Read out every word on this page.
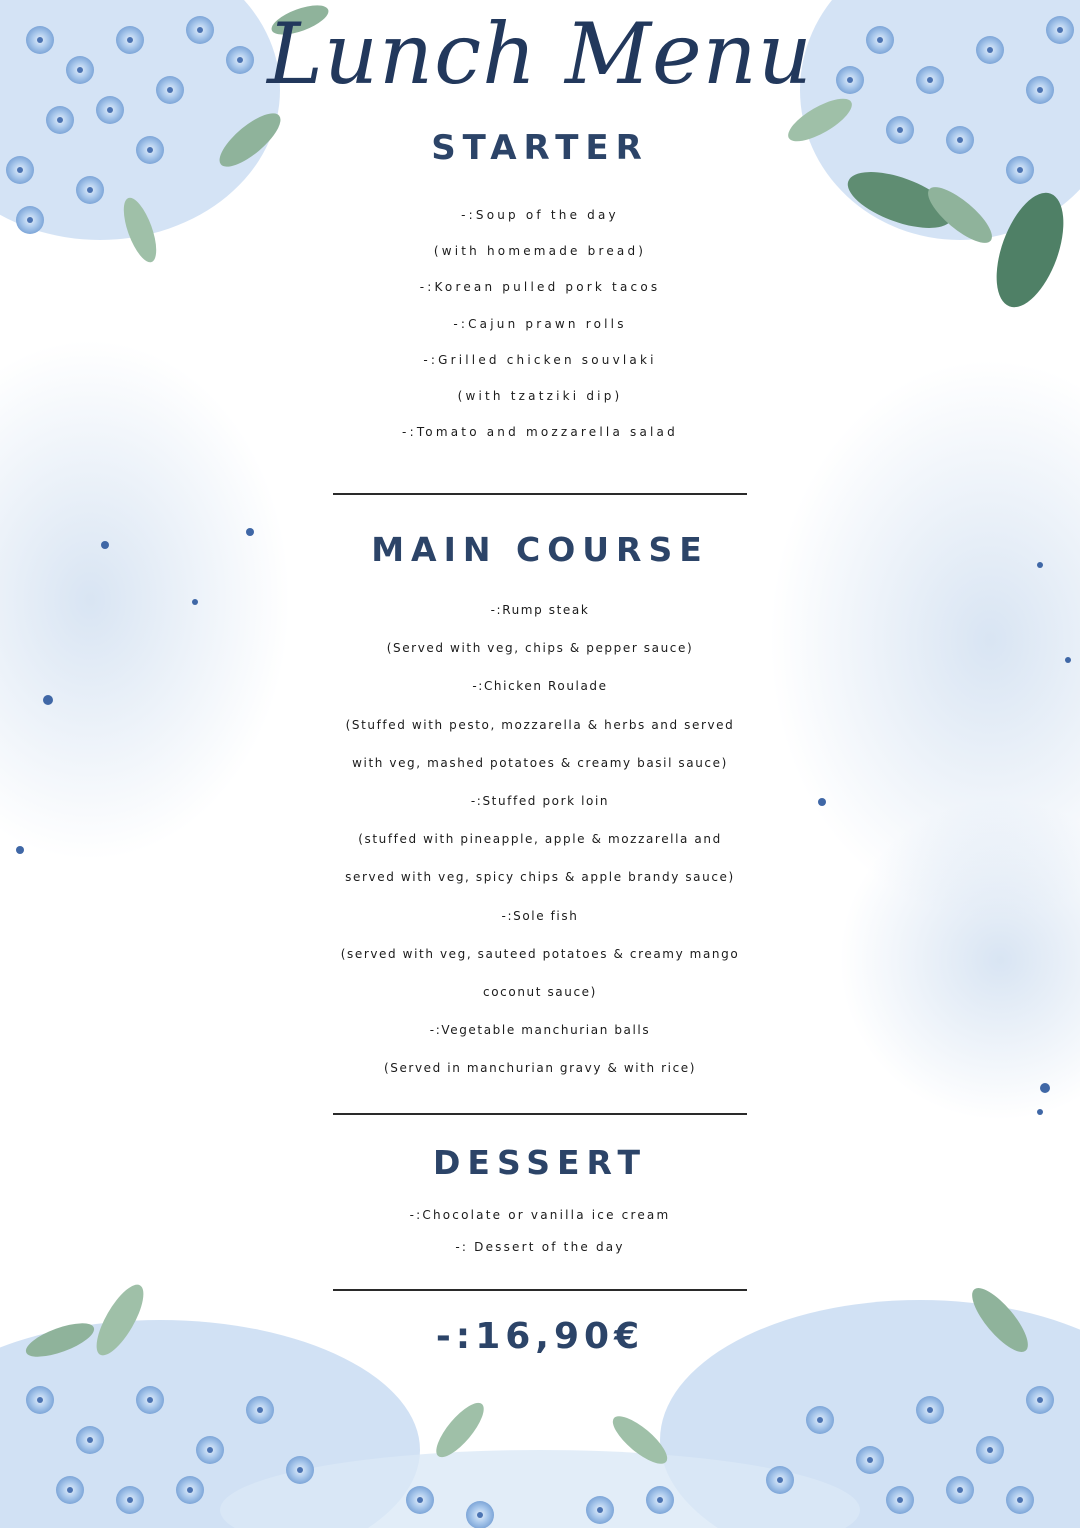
Lunch Menu
STARTER
-:Soup of the day
(with homemade bread)
-:Korean pulled pork tacos
-:Cajun prawn rolls
-:Grilled chicken souvlaki
(with tzatziki dip)
-:Tomato and mozzarella salad
MAIN COURSE
-:Rump steak
(Served with veg, chips & pepper sauce)
-:Chicken Roulade
(Stuffed with pesto, mozzarella & herbs and served
with veg, mashed potatoes & creamy basil sauce)
-:Stuffed pork loin
(stuffed with pineapple, apple & mozzarella and
served with veg, spicy chips & apple brandy sauce)
-:Sole fish
(served with veg, sauteed potatoes & creamy mango
coconut sauce)
-:Vegetable manchurian balls
(Served in manchurian gravy & with rice)
DESSERT
-:Chocolate or vanilla ice cream
-: Dessert of the day
-:16,90€
